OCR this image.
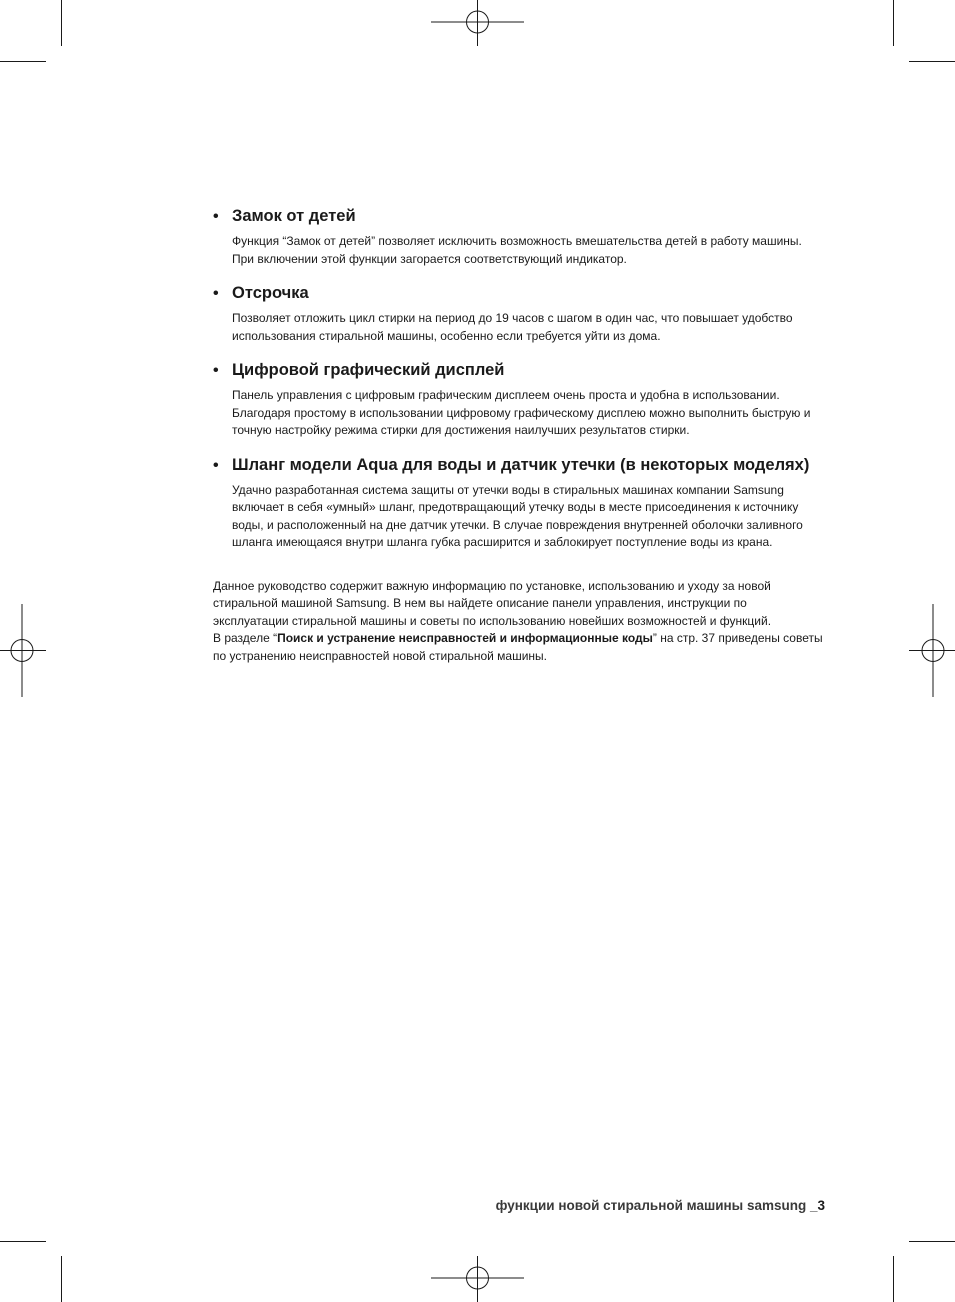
• Замок от детей

Функция “Замок от детей” позволяет исключить возможность вмешательства детей в работу машины.

При включении этой функции загорается соответствующий индикатор.

• Отсрочка

Позволяет отложить цикл стирки на период до 19 часов с шагом в один час, что повышает удобство использования стиральной машины, особенно если требуется уйти из дома.

• Цифровой графический дисплей

Панель управления с цифровым графическим дисплеем очень проста и удобна в использовании. Благодаря простому в использовании цифровому графическому дисплею можно выполнить быструю и точную настройку режима стирки для достижения наилучших результатов стирки.

• Шланг модели Aqua для воды и датчик утечки (в некоторых моделях)

Удачно разработанная система защиты от утечки воды в стиральных машинах компании Samsung включает в себя «умный» шланг, предотвращающий утечку воды в месте присоединения к источнику воды, и расположенный на дне датчик утечки. В случае повреждения внутренней оболочки заливного шланга имеющаяся внутри шланга губка расширится и заблокирует поступление воды из крана.

Данное руководство содержит важную информацию по установке, использованию и уходу за новой стиральной машиной Samsung. В нем вы найдете описание панели управления, инструкции по эксплуатации стиральной машины и советы по использованию новейших возможностей и функций.

В разделе “Поиск и устранение неисправностей и информационные коды” на стр. 37 приведены советы по устранению неисправностей новой стиральной машины.

функции новой стиральной машины samsung _3
